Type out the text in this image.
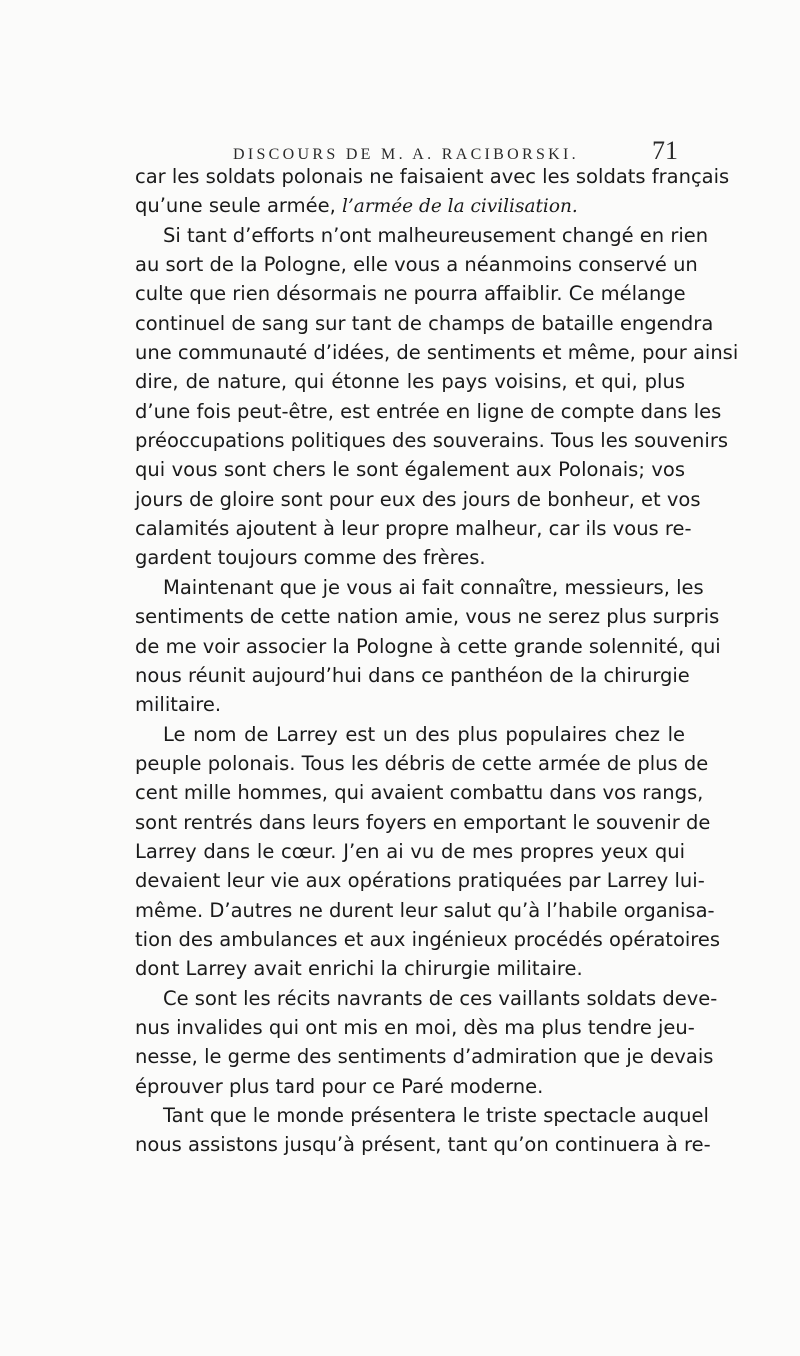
DISCOURS DE M. A. RACIBORSKI.	71
car les soldats polonais ne faisaient avec les soldats français
qu’une seule armée, l’armée de la civilisation.
Si tant d’efforts n’ont malheureusement changé en rien
au sort de la Pologne, elle vous a néanmoins conservé un
culte que rien désormais ne pourra affaiblir. Ce mélange
continuel de sang sur tant de champs de bataille engendra
une communauté d’idées, de sentiments et même, pour ainsi
dire, de nature, qui étonne les pays voisins, et qui, plus
d’une fois peut-être, est entrée en ligne de compte dans les
préoccupations politiques des souverains. Tous les souvenirs
qui vous sont chers le sont également aux Polonais; vos
jours de gloire sont pour eux des jours de bonheur, et vos
calamités ajoutent à leur propre malheur, car ils vous re-
gardent toujours comme des frères.
Maintenant que je vous ai fait connaître, messieurs, les
sentiments de cette nation amie, vous ne serez plus surpris
de me voir associer la Pologne à cette grande solennité, qui
nous réunit aujourd’hui dans ce panthéon de la chirurgie
militaire.
Le nom de Larrey est un des plus populaires chez le
peuple polonais. Tous les débris de cette armée de plus de
cent mille hommes, qui avaient combattu dans vos rangs,
sont rentrés dans leurs foyers en emportant le souvenir de
Larrey dans le cœur. J’en ai vu de mes propres yeux qui
devaient leur vie aux opérations pratiquées par Larrey lui-
même. D’autres ne durent leur salut qu’à l’habile organisa-
tion des ambulances et aux ingénieux procédés opératoires
dont Larrey avait enrichi la chirurgie militaire.
Ce sont les récits navrants de ces vaillants soldats deve-
nus invalides qui ont mis en moi, dès ma plus tendre jeu-
nesse, le germe des sentiments d’admiration que je devais
éprouver plus tard pour ce Paré moderne.
Tant que le monde présentera le triste spectacle auquel
nous assistons jusqu’à présent, tant qu’on continuera à re-
